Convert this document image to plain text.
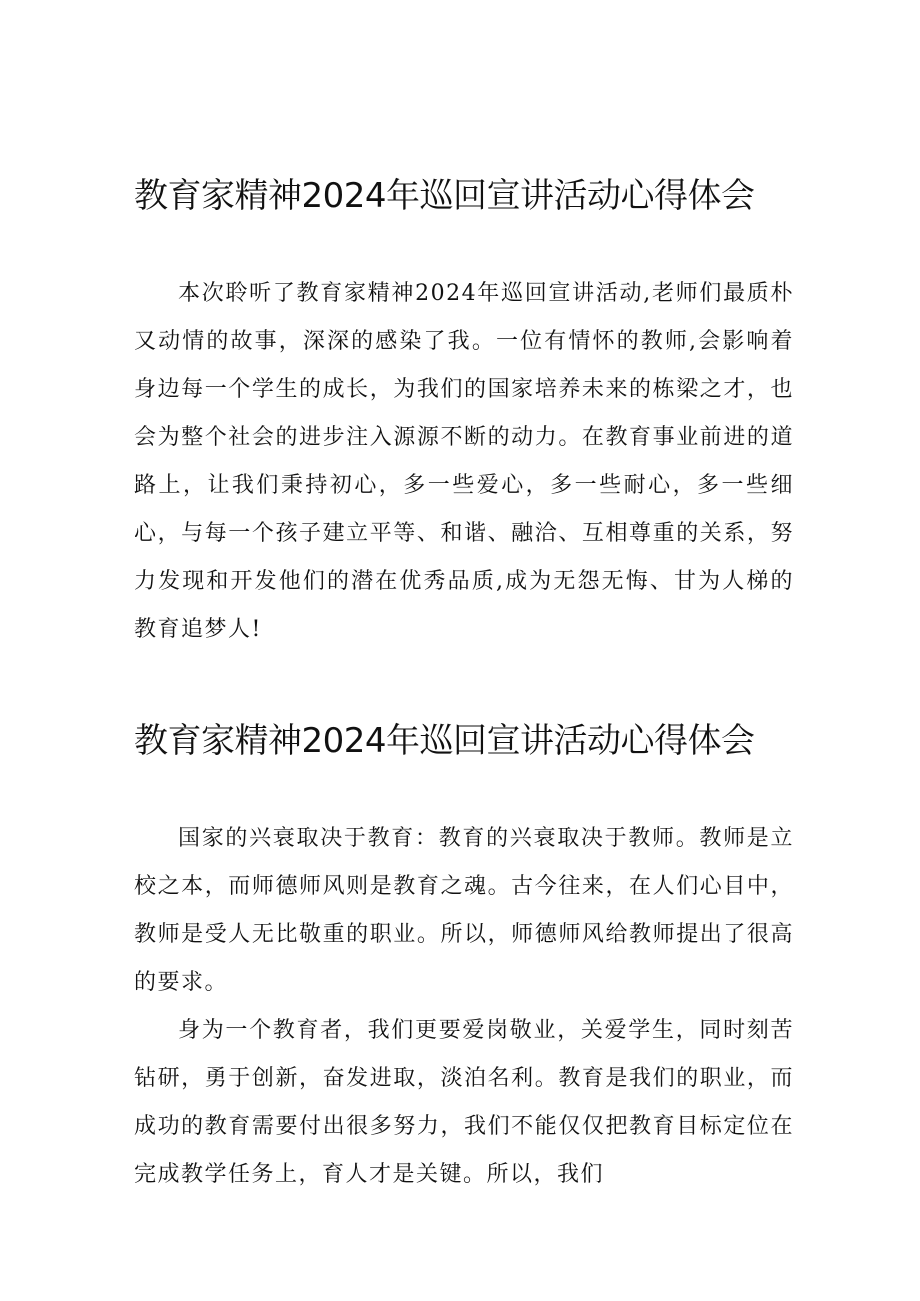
教育家精神2024年巡回宣讲活动心得体会

本次聆听了教育家精神2024年巡回宣讲活动,老师们最质朴又动情的故事，深深的感染了我。一位有情怀的教师,会影响着身边每一个学生的成长，为我们的国家培养未来的栋梁之才，也会为整个社会的进步注入源源不断的动力。在教育事业前进的道路上，让我们秉持初心，多一些爱心，多一些耐心，多一些细心，与每一个孩子建立平等、和谐、融洽、互相尊重的关系，努力发现和开发他们的潜在优秀品质,成为无怨无悔、甘为人梯的教育追梦人!

教育家精神2024年巡回宣讲活动心得体会

国家的兴衰取决于教育：教育的兴衰取决于教师。教师是立校之本，而师德师风则是教育之魂。古今往来，在人们心目中，教师是受人无比敬重的职业。所以，师德师风给教师提出了很高的要求。

身为一个教育者，我们更要爱岗敬业，关爱学生，同时刻苦钻研，勇于创新，奋发进取，淡泊名利。教育是我们的职业，而成功的教育需要付出很多努力，我们不能仅仅把教育目标定位在完成教学任务上，育人才是关键。所以，我们
